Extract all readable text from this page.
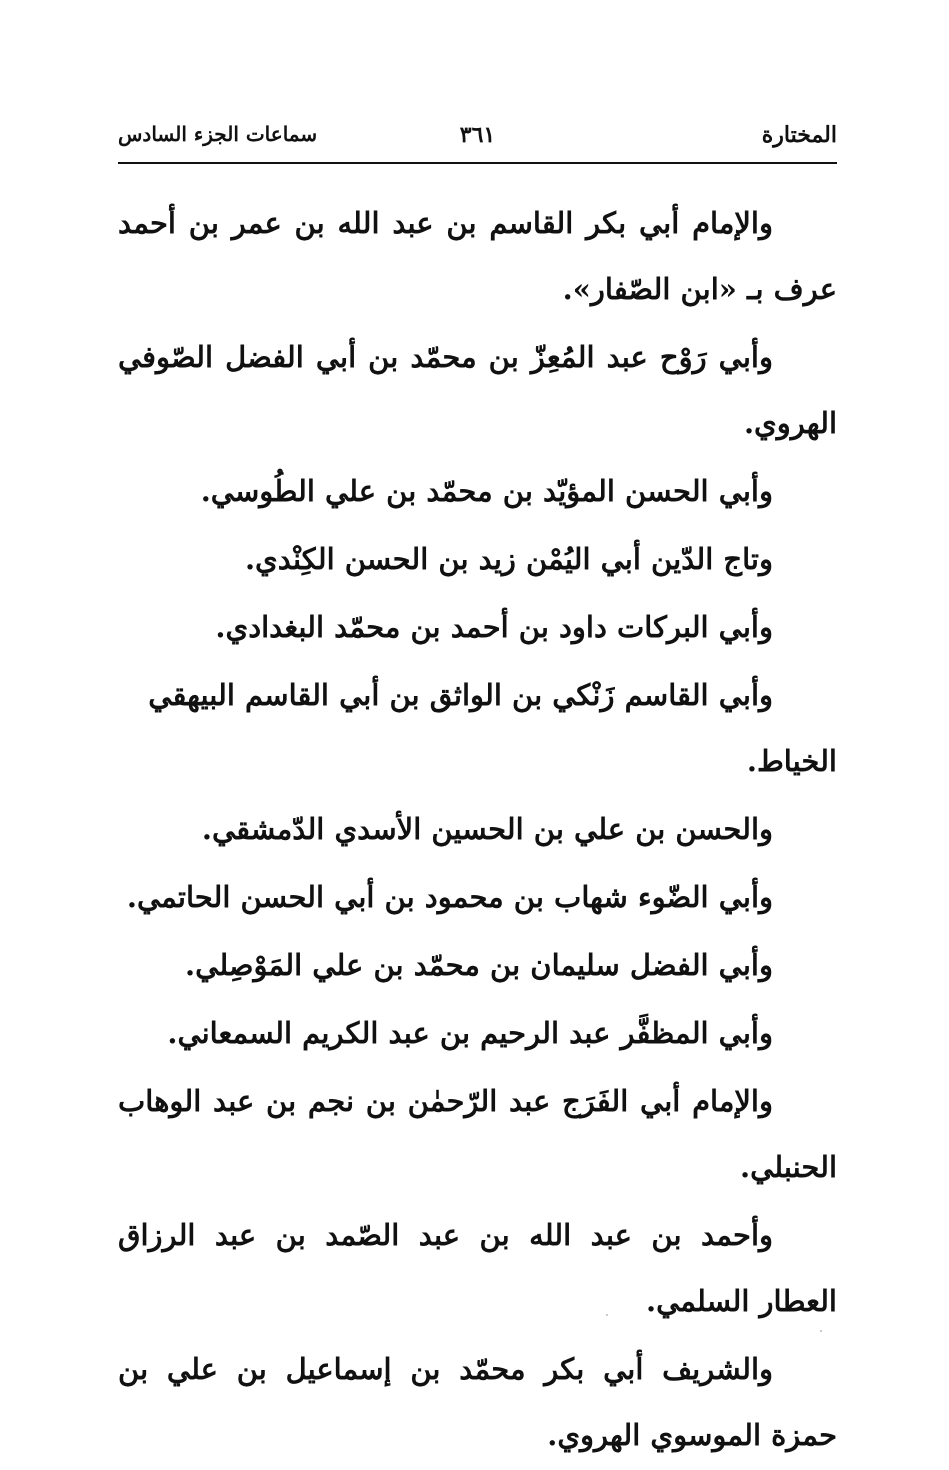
المختارة
٣٦١
سماعات الجزء السادس

والإمام أبي بكر القاسم بن عبد الله بن عمر بن أحمد عرف بـ «ابن الصّفار».

وأبي رَوْح عبد المُعِزّ بن محمّد بن أبي الفضل الصّوفي الهروي.

وأبي الحسن المؤيّد بن محمّد بن علي الطُوسي.

وتاج الدّين أبي اليُمْن زيد بن الحسن الكِنْدي.

وأبي البركات داود بن أحمد بن محمّد البغدادي.

وأبي القاسم زَنْكي بن الواثق بن أبي القاسم البيهقي الخياط.

والحسن بن علي بن الحسين الأسدي الدّمشقي.

وأبي الضّوء شهاب بن محمود بن أبي الحسن الحاتمي.

وأبي الفضل سليمان بن محمّد بن علي المَوْصِلي.

وأبي المظفَّر عبد الرحيم بن عبد الكريم السمعاني.

والإمام أبي الفَرَج عبد الرّحمٰن بن نجم بن عبد الوهاب الحنبلي.

وأحمد بن عبد الله بن عبد الصّمد بن عبد الرزاق العطار السلمي.

والشريف أبي بكر محمّد بن إسماعيل بن علي بن حمزة الموسوي الهروي.
